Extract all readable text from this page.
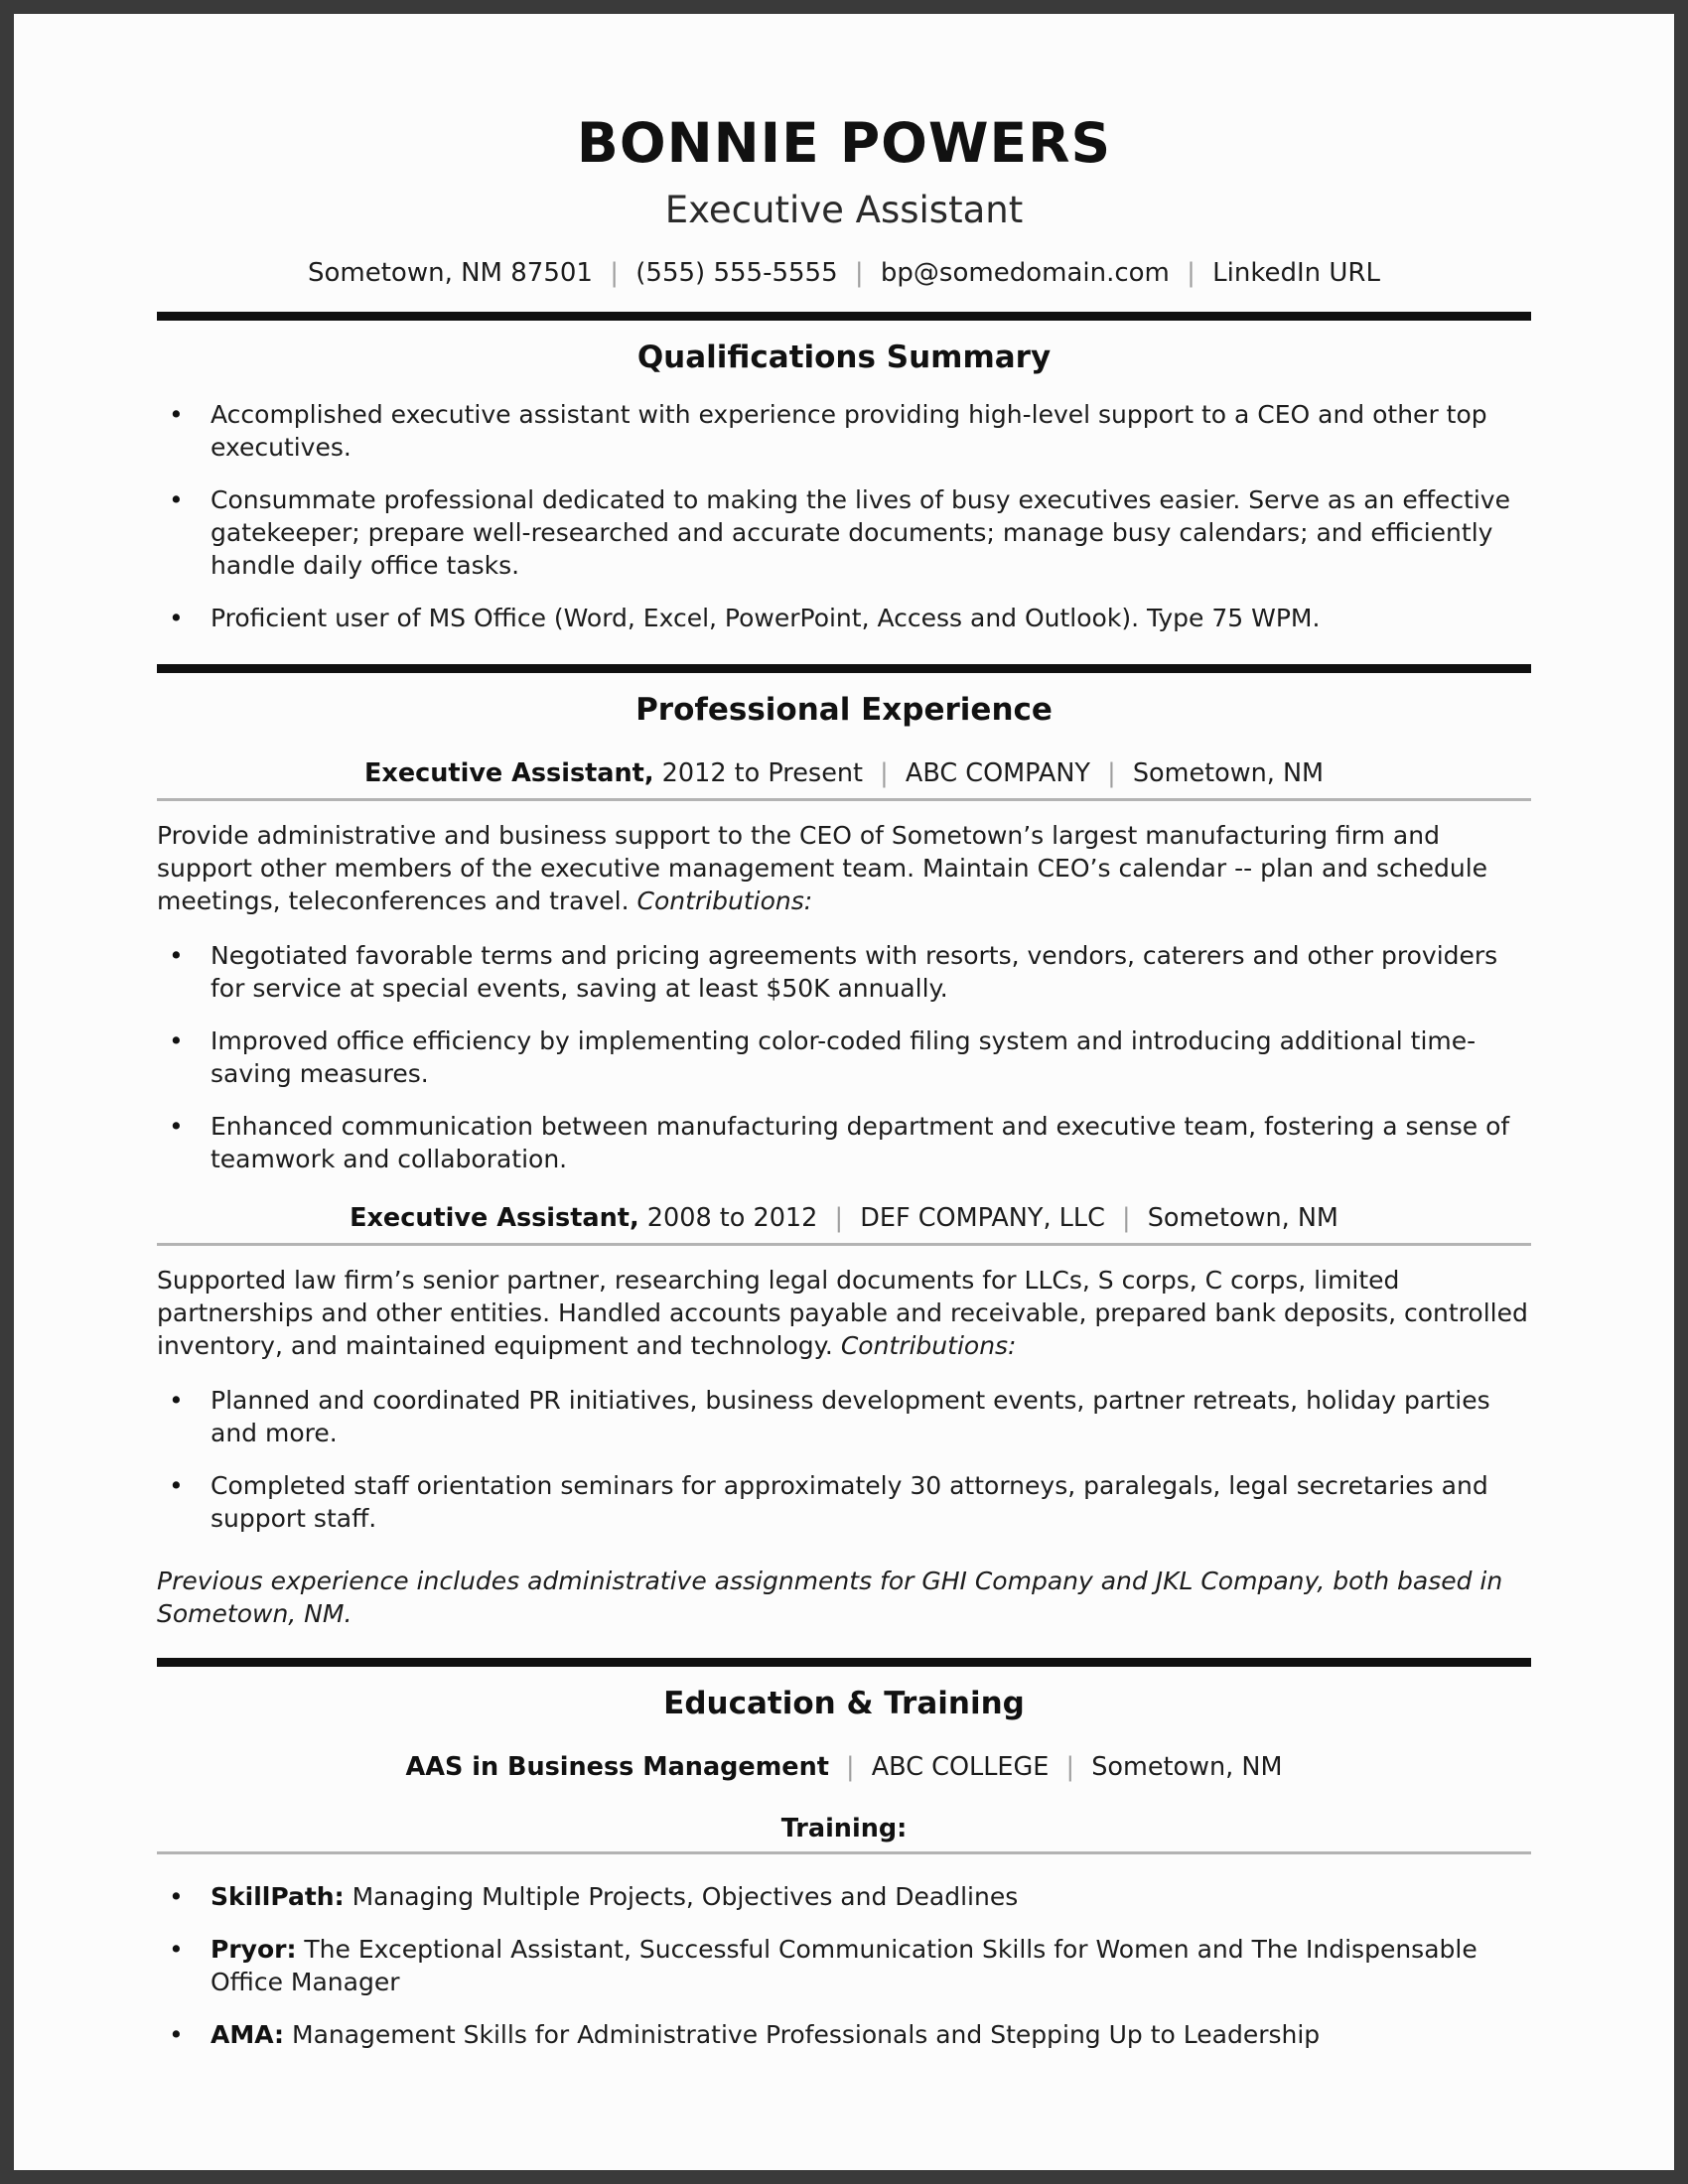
BONNIE POWERS
Executive Assistant
Sometown, NM 87501 | (555) 555-5555 | bp@somedomain.com | LinkedIn URL
Qualifications Summary
• Accomplished executive assistant with experience providing high-level support to a CEO and other top executives.
• Consummate professional dedicated to making the lives of busy executives easier. Serve as an effective gatekeeper; prepare well-researched and accurate documents; manage busy calendars; and efficiently handle daily office tasks.
• Proficient user of MS Office (Word, Excel, PowerPoint, Access and Outlook). Type 75 WPM.
Professional Experience
Executive Assistant, 2012 to Present | ABC COMPANY | Sometown, NM

Provide administrative and business support to the CEO of Sometown’s largest manufacturing firm and support other members of the executive management team. Maintain CEO’s calendar -- plan and schedule meetings, teleconferences and travel. Contributions:

• Negotiated favorable terms and pricing agreements with resorts, vendors, caterers and other providers for service at special events, saving at least $50K annually.
• Improved office efficiency by implementing color-coded filing system and introducing additional time-saving measures.
• Enhanced communication between manufacturing department and executive team, fostering a sense of teamwork and collaboration.
Executive Assistant, 2008 to 2012 | DEF COMPANY, LLC | Sometown, NM

Supported law firm’s senior partner, researching legal documents for LLCs, S corps, C corps, limited partnerships and other entities. Handled accounts payable and receivable, prepared bank deposits, controlled inventory, and maintained equipment and technology. Contributions:

• Planned and coordinated PR initiatives, business development events, partner retreats, holiday parties and more.
• Completed staff orientation seminars for approximately 30 attorneys, paralegals, legal secretaries and support staff.

Previous experience includes administrative assignments for GHI Company and JKL Company, both based in Sometown, NM.

Education & Training
AAS in Business Management | ABC COLLEGE | Sometown, NM
Training:
• SkillPath: Managing Multiple Projects, Objectives and Deadlines
• Pryor: The Exceptional Assistant, Successful Communication Skills for Women and The Indispensable Office Manager
• AMA: Management Skills for Administrative Professionals and Stepping Up to Leadership
